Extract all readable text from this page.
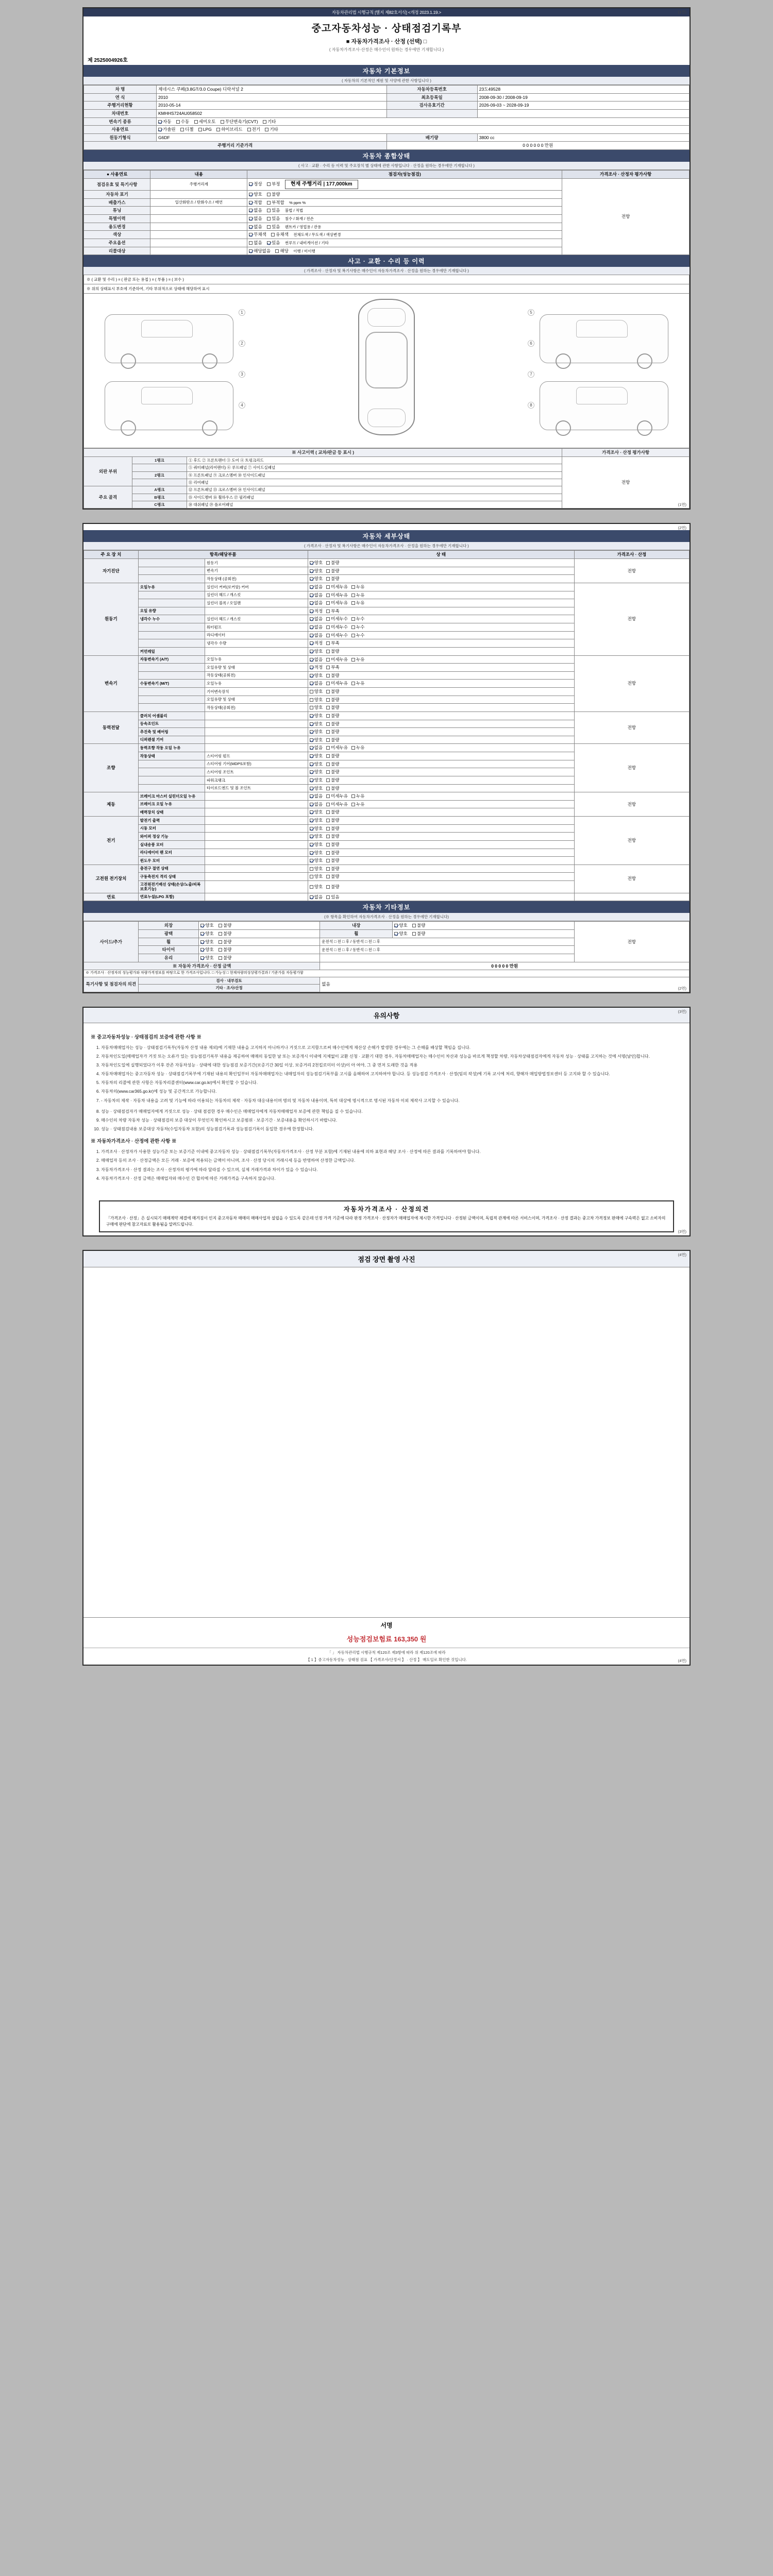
자동차관리법 시행규칙 [별지 제82호서식] <개정 2023.1.19.>	(1면)
중고자동차성능 · 상태점검기록부
■ 자동차가격조사 · 산정 (선택) □
( 자동차가격조사·산정은 매수인이 원하는 경우에만 기재합니다 )
제 2525004926호
자동차 기본정보
( 자동차의 기본적인 제원 및 사양에 관한 사항입니다 )
차 명	제네시스 쿠페(3.8GT/3.0 Coupe) 디락셔널 2	자동차등록번호	23도49528
연 식	2010	최초등록일	2008-09-30 / 2008-09-19
주행거리현황	2010-05-14	검사유효기간	2026-09-03 ~ 2028-09-19
차대번호	KMHHS724AU058502		
변속기 종류	자동 수동 세미오토 무단변속기(CVT) 기타		
사용연료	가솔린 디젤 LPG 하이브리드 전기 기타		
원동기형식	G6DF	배기량	3800 cc
주행거리 기준가격		0 0 0 0 0 0 만원	
자동차 종합상태
( 사고 · 교환 · 수리 등 이력 및 주요장치 별 상태에 관한 사항입니다 · 산정을 원하는 경우에만 기재합니다 )
● 사용연료	내용	점검자(성능점검)	가격조사 · 산정자 평가사항
점검유효 및 특기사항	주행거리계	정상 부정 현재 주행거리 | 177,000km	전항
자동차 표기		양호 불량	
배출가스	일산화탄소 / 탄화수소 / 매연	적합 부적합 % ppm %	
튜닝		없음 있음 불법 / 적법	
특별이력		없음 있음 침수 / 화재 / 전손	
용도변경		없음 있음 렌트카 / 영업용 / 관용	
색상		무채색 유채색 전체도색 / 무도색 / 색상변경	
주요옵션		없음 있음 썬루프 / 내비게이션 / 기타	
리콜대상		해당없음 해당 이행 / 미이행	
사고 · 교환 · 수리 등 이력
( 가격조사 · 산정자 및 복기사항은 매수인이 자동차가격조사 · 산정을 원하는 경우에만 기재합니다 )
※ ( 교환 및 수리 ) = ( 판금 또는 용접 ) = ( 부품 ) = ( 보수 )
※ 위의 상태표시 부호에 기준하여, 기타 부위적으로 상태에 해당하여 표시
1
2
3
4
5
6
7
8
※ 사고이력 ( 교차/판금 등 표시 )			가격조사 · 산정 평가사항
외판 부위	1랭크	① 후드 ② 프론트팬더 ③ 도어 ④ 트렁크리드	전항
		⑤ 쿼터패널(리어팬더) ⑥ 루프패널 ⑦ 사이드실패널	
	2랭크	⑧ 프론트패널 ⑨ 크로스멤버 ⑩ 인사이드패널	
		⑪ 리어패널	
주요 골격	A랭크	⑫ 프론트패널 ⑬ 크로스멤버 ⑭ 인사이드패널	
	B랭크	⑮ 사이드멤버 ⑯ 휠하우스 ⑰ 필러패널	
	C랭크	⑱ 대쉬패널 ⑲ 플로어패널		(1면)
(2면)
자동차 세부상태
( 가격조사 · 산정자 및 복기사항은 매수인이 자동차가격조사 · 산정을 원하는 경우에만 기재합니다 )
주 요 장 치	항목/해당부품		상 태	가격조사 · 산정
자기진단		원동기	양호 불량	전항
		변속기	양호 불량	
		작동상태 (공회전)	양호 불량	
원동기	오일누유	실린더 커버(로커암) 커버	없음 미세누유 누유	전항
		실린더 헤드 / 개스킷	없음 미세누유 누유	
		실린더 블록 / 오일팬	없음 미세누유 누유	
	오일 유량		적정 부족	
	냉각수 누수	실린더 헤드 / 개스킷	없음 미세누수 누수	
		워터펌프	없음 미세누수 누수	
		라디에이터	없음 미세누수 누수	
		냉각수 수량	적정 부족	
	커먼레일		양호 불량	
변속기	자동변속기 (A/T)	오일누유	없음 미세누유 누유	전항
		오일유량 및 상태	적정 부족	
		작동상태(공회전)	양호 불량	
	수동변속기 (M/T)	오일누유	없음 미세누유 누유	
		기어변속장치	양호 불량	
		오일유량 및 상태	양호 불량	
		작동상태(공회전)	양호 불량	
동력전달	클러치 어셈블리		양호 불량	전항
	등속조인트		양호 불량	
	추진축 및 베어링		양호 불량	
	디퍼렌셜 기어		양호 불량	
조향	동력조향 작동 오일 누유		없음 미세누유 누유	전항
	작동상태	스티어링 펌프	양호 불량	
		스티어링 기어(MDPS포함)	양호 불량	
		스티어링 조인트	양호 불량	
		파워크랭크	양호 불량	
		타이로드엔드 및 볼 조인트	양호 불량	
제동	브레이크 마스터 실린더오일 누유		없음 미세누유 누유	전항
	브레이크 오일 누유		없음 미세누유 누유	
	배력장치 상태		양호 불량	
전기	발전기 출력		양호 불량	전항
	시동 모터		양호 불량	
	와이퍼 정상 기능		양호 불량	
	실내송풍 모터		양호 불량	
	라디에이터 팬 모터		양호 불량	
	윈도우 모터		양호 불량	
고전원 전기장치	충전구 절연 상태		양호 불량	전항
	구동축전지 격리 상태		양호 불량	
	고전원전기배선 상태(손상/노출/피복 보호기능)		양호 불량	
연료	연료누설(LPG 포함)		없음 있음	
자동차 기타정보
(※ 항목을 확인하여 자동차가격조사 · 산정을 원하는 경우에만 기재합니다)
사이드/추가	외장	양호 불량	내장	양호 불량	전항
	광택	양호 불량	휠	양호 불량	
	휠	양호 불량	운전석 □ 전 □ 후 / 동반석 □ 전 □ 후		
	타이어	양호 불량	운전석 □ 전 □ 후 / 동반석 □ 전 □ 후		
	유리	양호 불량			
※ 자동차 가격조사 · 산정 금액			0 0 0 0 0 만원		
※ 가격조사 · 산정자의 성능평가와 차량가격정보를 바탕으로 한 가격조사입니다. □ 가능성 □ 현재차량의성상평가결과 / 기준가를 자동평가함					
특기사항 및 점검자의 의견	검사 · 내부검토		없음		
	기타 · 조사/산정					(2면)
(3면)
유의사항
※ 중고자동차성능 · 상태점검의 보증에 관한 사항 ※
1. 자동차매매업자는 성능 · 상태점검기록부(자동차 산정 내용 제외)에 기재한 내용을 고지하지 아니하거나 거짓으로 고지함으로써 매수인에게 재산상 손해가 발생한 경우에는 그 손해를 배상할 책임을 집니다.
2. 자동차인도일(매매업자가 거짓 또는 오류가 있는 성능점검기록부 내용을 제공하여 매매의 동일한 날 또는 보증개시 이내에 지체없이 교환 신청 · 교환기 대한 경우, 자동차매매업자는 매수인이 차산과 성능을 바르게 책정할 차량, 자동차상태점검자에게 자동차 성능 · 상태를 고지하는 것에 서명(날인)합니다.
3. 자동차인도일에 실행되었다가 이후 잔존 자동차성능 · 상태에 대한 성능점검 보증기간(보증기간 30일 이상, 보증거리 2천킬로미터 이상)이 아 여야, 그 중 먼저 도래한 것을 적용
4. 자동차매매업자는 중고자동차 성능 · 상태점검기록부에 기재된 내용의 확인일부터 자동차매매업자는 내매업자의 성능점검기록부를 고시를 음해하여 고지하여야 합니다. 등 성능점검 가격조사 · 산정(임의 작성)에 기록 교시에 처리, 향해자 매입방법정보센터 등 고지와 할 수 있습니다.
5. 자동차의 리콜에 관한 사항은 자동차리콜센터(www.car.go.kr)에서 확인할 수 있습니다.
6. 자동차의(www.car365.go.kr)에 성능 및 공간적으로 가능합니다.
7. - 자동차의 제작 · 자동차 내용을 고려 및 기능에 따라 이용되는 자동차의 제작 · 자동차 대응내용이며 명의 및 자동차 내용이며, 특히 대상에 명시적으로 명시된 자동차 이외 제작사 고지할 수 있습니다.
8. 성능 · 상태점검자가 매매업자에게 거짓으로 성능 · 상태 점검한 경우 매수인은 매매업자에게 자동차매매업자 보증에 관한 책임을 질 수 있습니다.
9. 매수인의 차량 자동차 성능 · 상태점검의 보증 대상이 무엇인지 확인하시고 보증범위 · 보증기간 · 보증내용을 확인하시기 바랍니다.
10. 성능 · 상태점검내용 보증대상 자동차(수입자동차 포함)의 성능점검기록과 성능점검기록이 동일한 경우에 한정합니다.
※ 자동차가격조사 · 산정에 관한 사항 ※
1. 가격조사 · 산정자가 사용한 성능기준 또는 보증기준 이내에 중고자동차 성능 · 상태점검기록부(자동차가격조사 · 산정 부분 포함)에 기재된 내용에 의하 표현과 해당 조사 · 산정에 따른 결과를 기록하여야 합니다.
2. 매매업자 등의 조사 · 산정금액은 모든 거래 · 보증에 적용되는 금액이 아니며, 조사 · 산정 당시의 거래시세 등을 반영하여 산정한 금액입니다.
3. 자동차가격조사 · 산정 결과는 조사 · 산정자의 평가에 따라 달라질 수 있으며, 실제 거래가격과 차이가 있을 수 있습니다.
4. 자동차가격조사 · 산정 금액은 매매업자와 매수인 간 합의에 따른 거래가격을 구속하지 않습니다.
자동차가격조사 · 산정의견
「가격조사 · 산정」은 실시되기 매매계약 체결에 매겨짐이 인지 중고자동차 매매의 매매사업자 설립을 수 있도록 같은데 인정 가격 기준에 다라 판정 가격조사 · 산정자가 매매업자에 제시한 가격입니다 · 산정된 금액이며, 독립적 관계에 따른 서비스이며, 가격조사 · 산정 결과는 중고차 가격정보 판매에 구속력은 없고 소비자의 구매에 판단에 참고자료로 활용됨을 알려드립니다.
(3면)
(4면)
점검 장면 촬영 사진
서명
성능점검보험료 163,350 원
「 」 자동차관리법 시행규칙 제120조 제3항에 따라 위 제120조에 따라
【 1 】중고자동차성능 · 상태점 검표 【 가격조사/산정서 】 · 산정 】 매도일로 확인한 것입니다.	(4면)
